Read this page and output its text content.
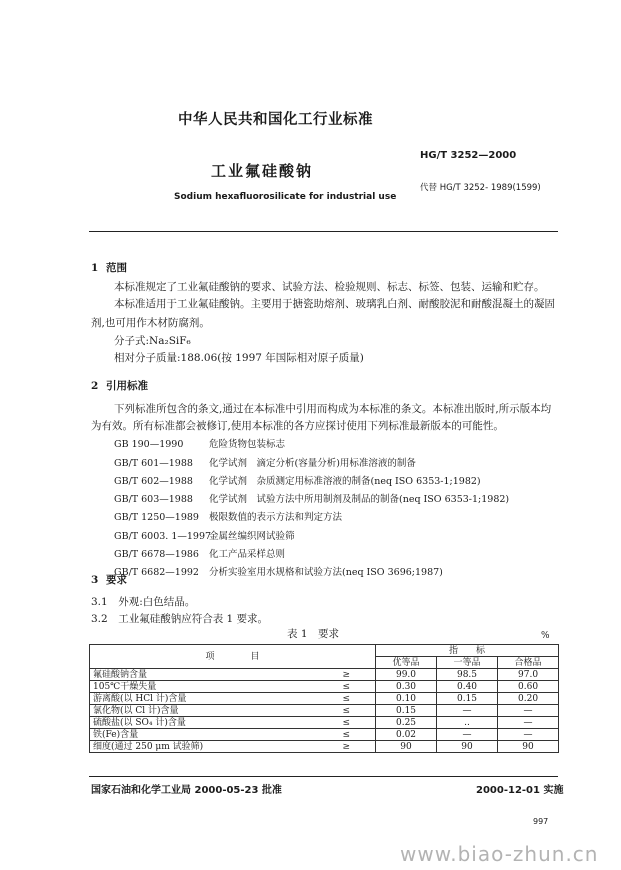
中华人民共和国化工行业标准
HG/T 3252—2000
工业氟硅酸钠
代替 HG/T 3252- 1989(1599)
Sodium hexafluorosilicate for industrial use
1 范围
本标准规定了工业氟硅酸钠的要求、试验方法、检验规则、标志、标签、包装、运输和贮存。
本标准适用于工业氟硅酸钠。主要用于搪瓷助熔剂、玻璃乳白剂、耐酸胶泥和耐酸混凝土的凝固
剂,也可用作木材防腐剂。
分子式:Na₂SiF₆
相对分子质量:188.06(按 1997 年国际相对原子质量)
2 引用标准
下列标准所包含的条文,通过在本标准中引用而构成为本标准的条文。本标准出版时,所示版本均
为有效。所有标准都会被修订,使用本标准的各方应探讨使用下列标准最新版本的可能性。
GB 190—1990	危险货物包装标志
GB/T 601—1988 化学试剂　滴定分析(容量分析)用标准溶液的制备
GB/T 602—1988 化学试剂　杂质测定用标准溶液的制备(neq ISO 6353-1;1982)
GB/T 603—1988 化学试剂　试验方法中所用制剂及制品的制备(neq ISO 6353-1;1982)
GB/T 1250—1989 极限数值的表示方法和判定方法
GB/T 6003. 1—1997金属丝编织网试验筛
GB/T 6678—1986 化工产品采样总则
GB/T 6682—1992 分析实验室用水规格和试验方法(neq ISO 3696;1987)
3 要求
3.1　外观:白色结晶。
3.2　工业氟硅酸钠应符合表 1 要求。
表 1　要求	%
项　　　　目		指　　标		
		优等品	一等品	合格品
氟硅酸钠含量	≥	99.0	98.5	97.0
105℃干燥失量	≤	0.30	0.40	0.60
游离酸(以 HCl 计)含量	≤	0.10	0.15	0.20
氯化物(以 Cl 计)含量	≤	0.15	—	—
硫酸盐(以 SO₄ 计)含量	≤	0.25	..	—
铁(Fe)含量	≤	0.02	—	—
细度(通过 250 μm 试验筛)	≥	90	90	90
国家石油和化学工业局 2000-05-23 批准	2000-12-01 实施
997
www.biao-zhun.cn
